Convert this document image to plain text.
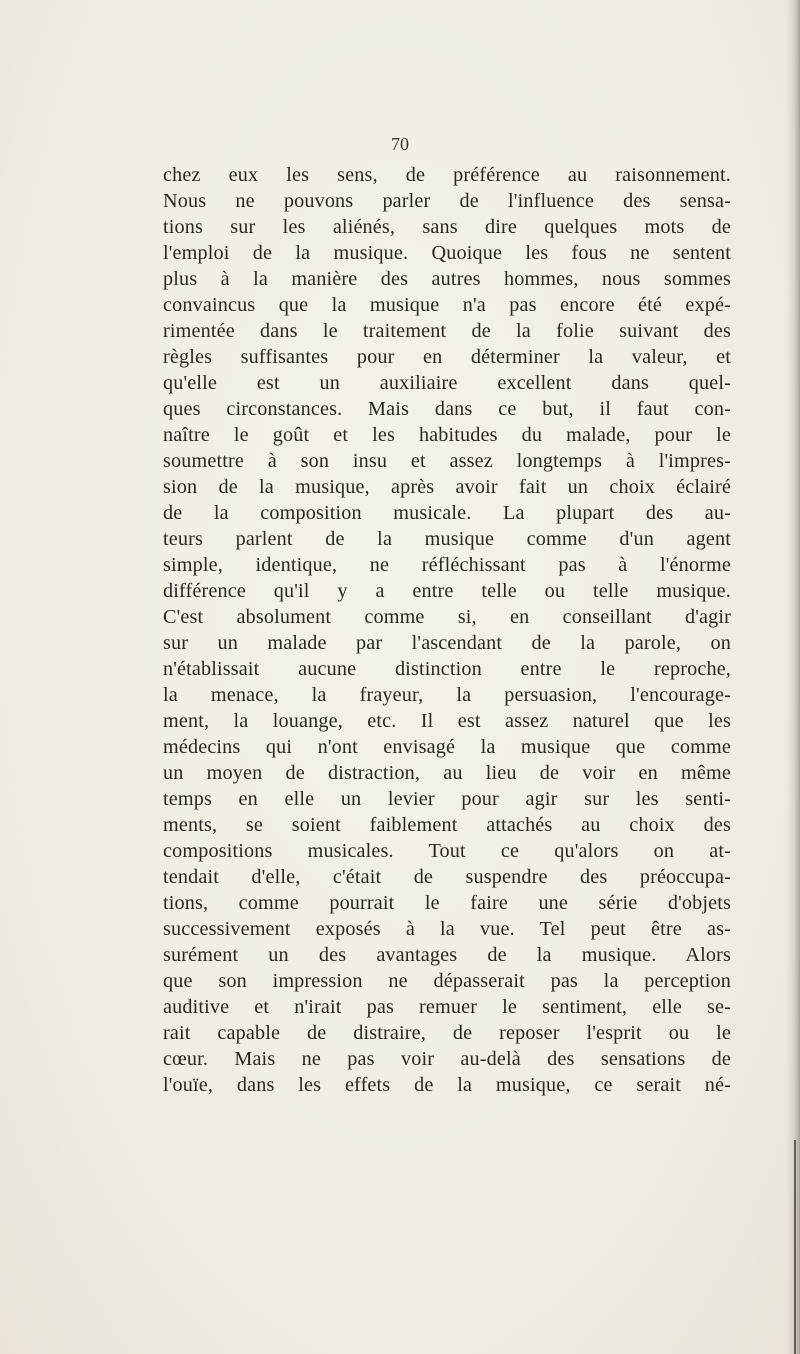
70
chez eux les sens, de préférence au raisonnement.
Nous ne pouvons parler de l'influence des sensa-
tions sur les aliénés, sans dire quelques mots de
l'emploi de la musique. Quoique les fous ne sentent
plus à la manière des autres hommes, nous sommes
convaincus que la musique n'a pas encore été expé-
rimentée dans le traitement de la folie suivant des
règles suffisantes pour en déterminer la valeur, et
qu'elle est un auxiliaire excellent dans quel-
ques circonstances. Mais dans ce but, il faut con-
naître le goût et les habitudes du malade, pour le
soumettre à son insu et assez longtemps à l'impres-
sion de la musique, après avoir fait un choix éclairé
de la composition musicale. La plupart des au-
teurs parlent de la musique comme d'un agent
simple, identique, ne réfléchissant pas à l'énorme
différence qu'il y a entre telle ou telle musique.
C'est absolument comme si, en conseillant d'agir
sur un malade par l'ascendant de la parole, on
n'établissait aucune distinction entre le reproche,
la menace, la frayeur, la persuasion, l'encourage-
ment, la louange, etc. Il est assez naturel que les
médecins qui n'ont envisagé la musique que comme
un moyen de distraction, au lieu de voir en même
temps en elle un levier pour agir sur les senti-
ments, se soient faiblement attachés au choix des
compositions musicales. Tout ce qu'alors on at-
tendait d'elle, c'était de suspendre des préoccupa-
tions, comme pourrait le faire une série d'objets
successivement exposés à la vue. Tel peut être as-
surément un des avantages de la musique. Alors
que son impression ne dépasserait pas la perception
auditive et n'irait pas remuer le sentiment, elle se-
rait capable de distraire, de reposer l'esprit ou le
cœur. Mais ne pas voir au-delà des sensations de
l'ouïe, dans les effets de la musique, ce serait né-
